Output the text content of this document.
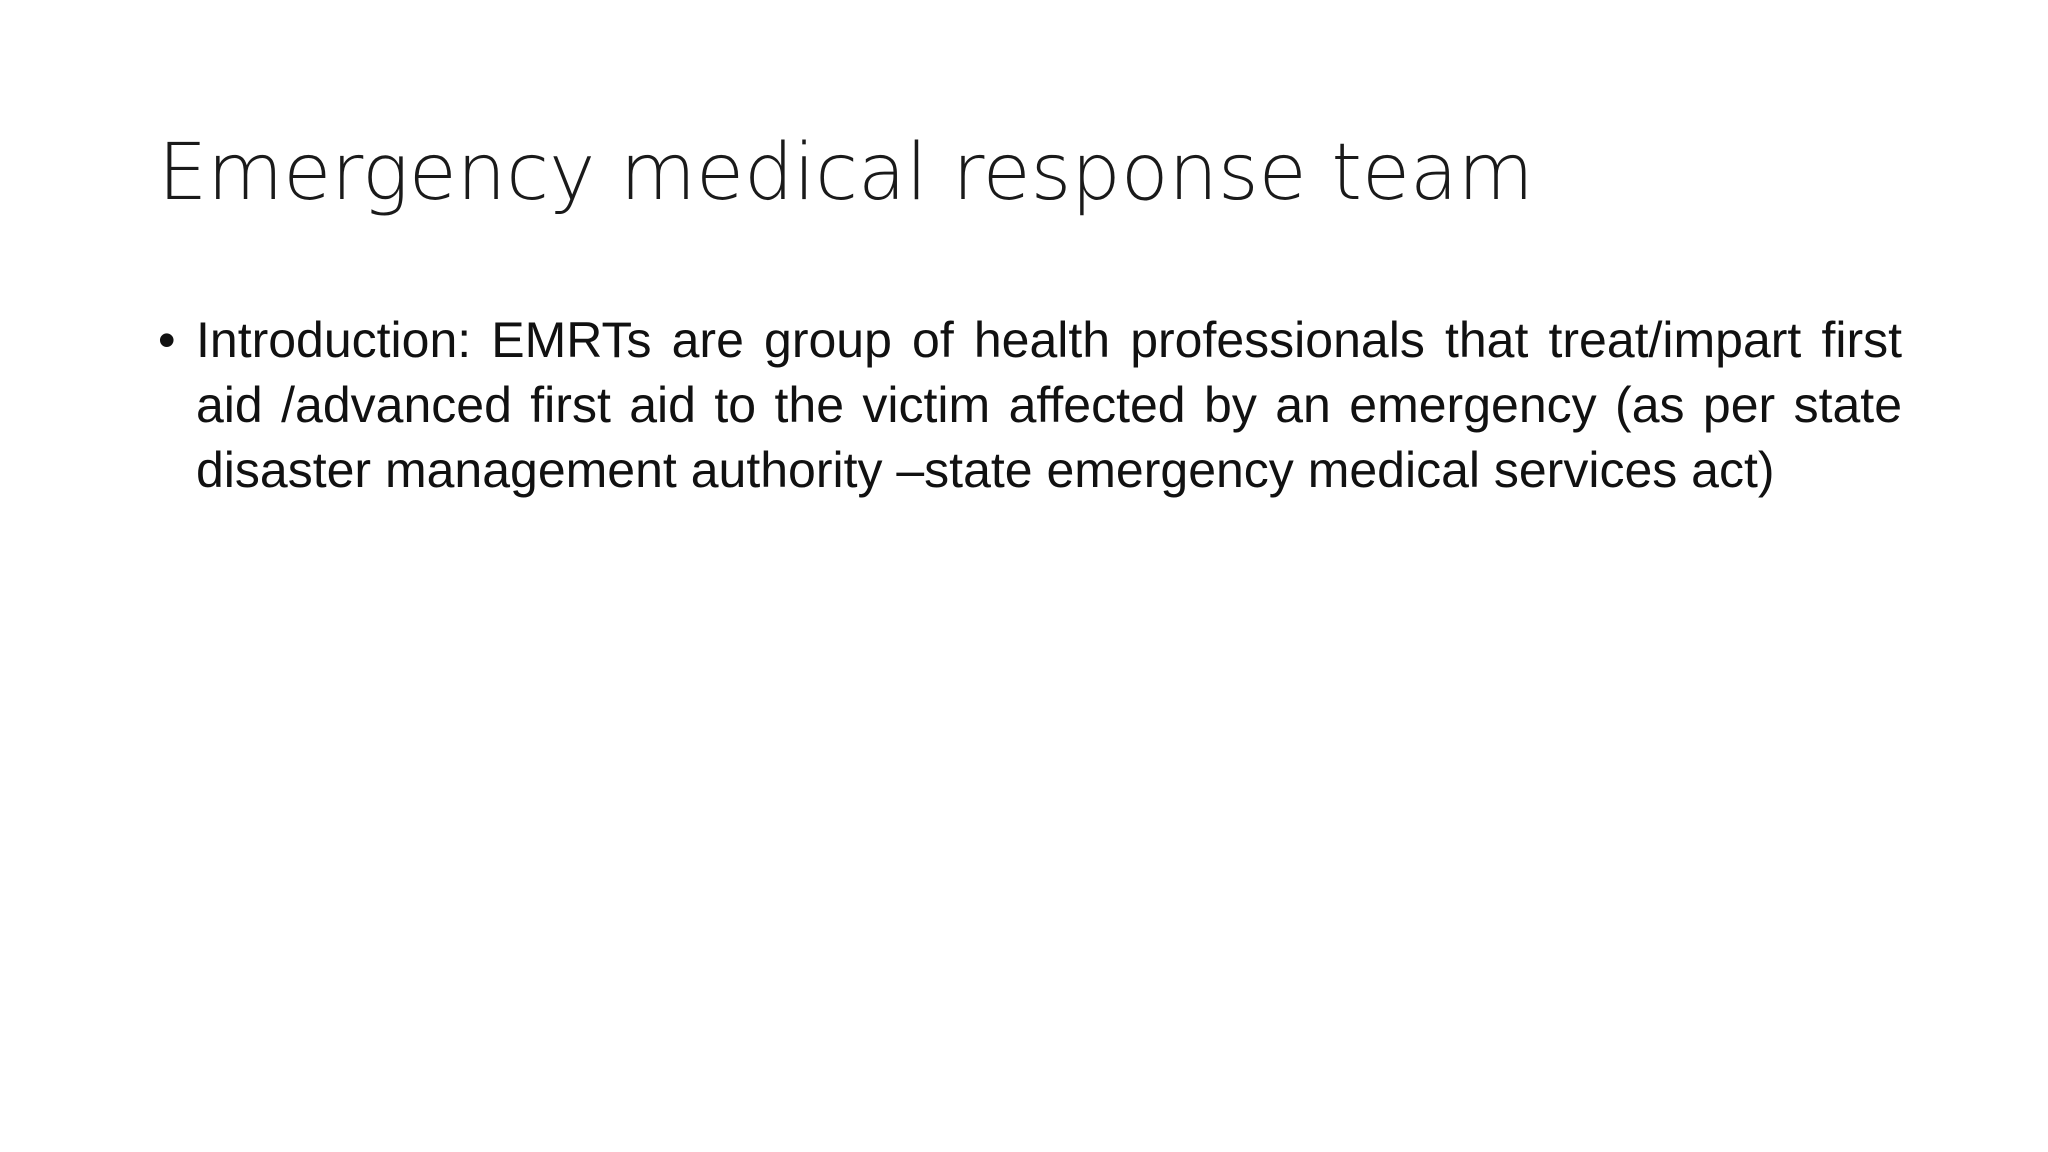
Emergency medical response team
• Introduction: EMRTs are group of health professionals that treat/impart first aid /advanced first aid to the victim affected by an emergency (as per state disaster management authority –state emergency medical services act)
